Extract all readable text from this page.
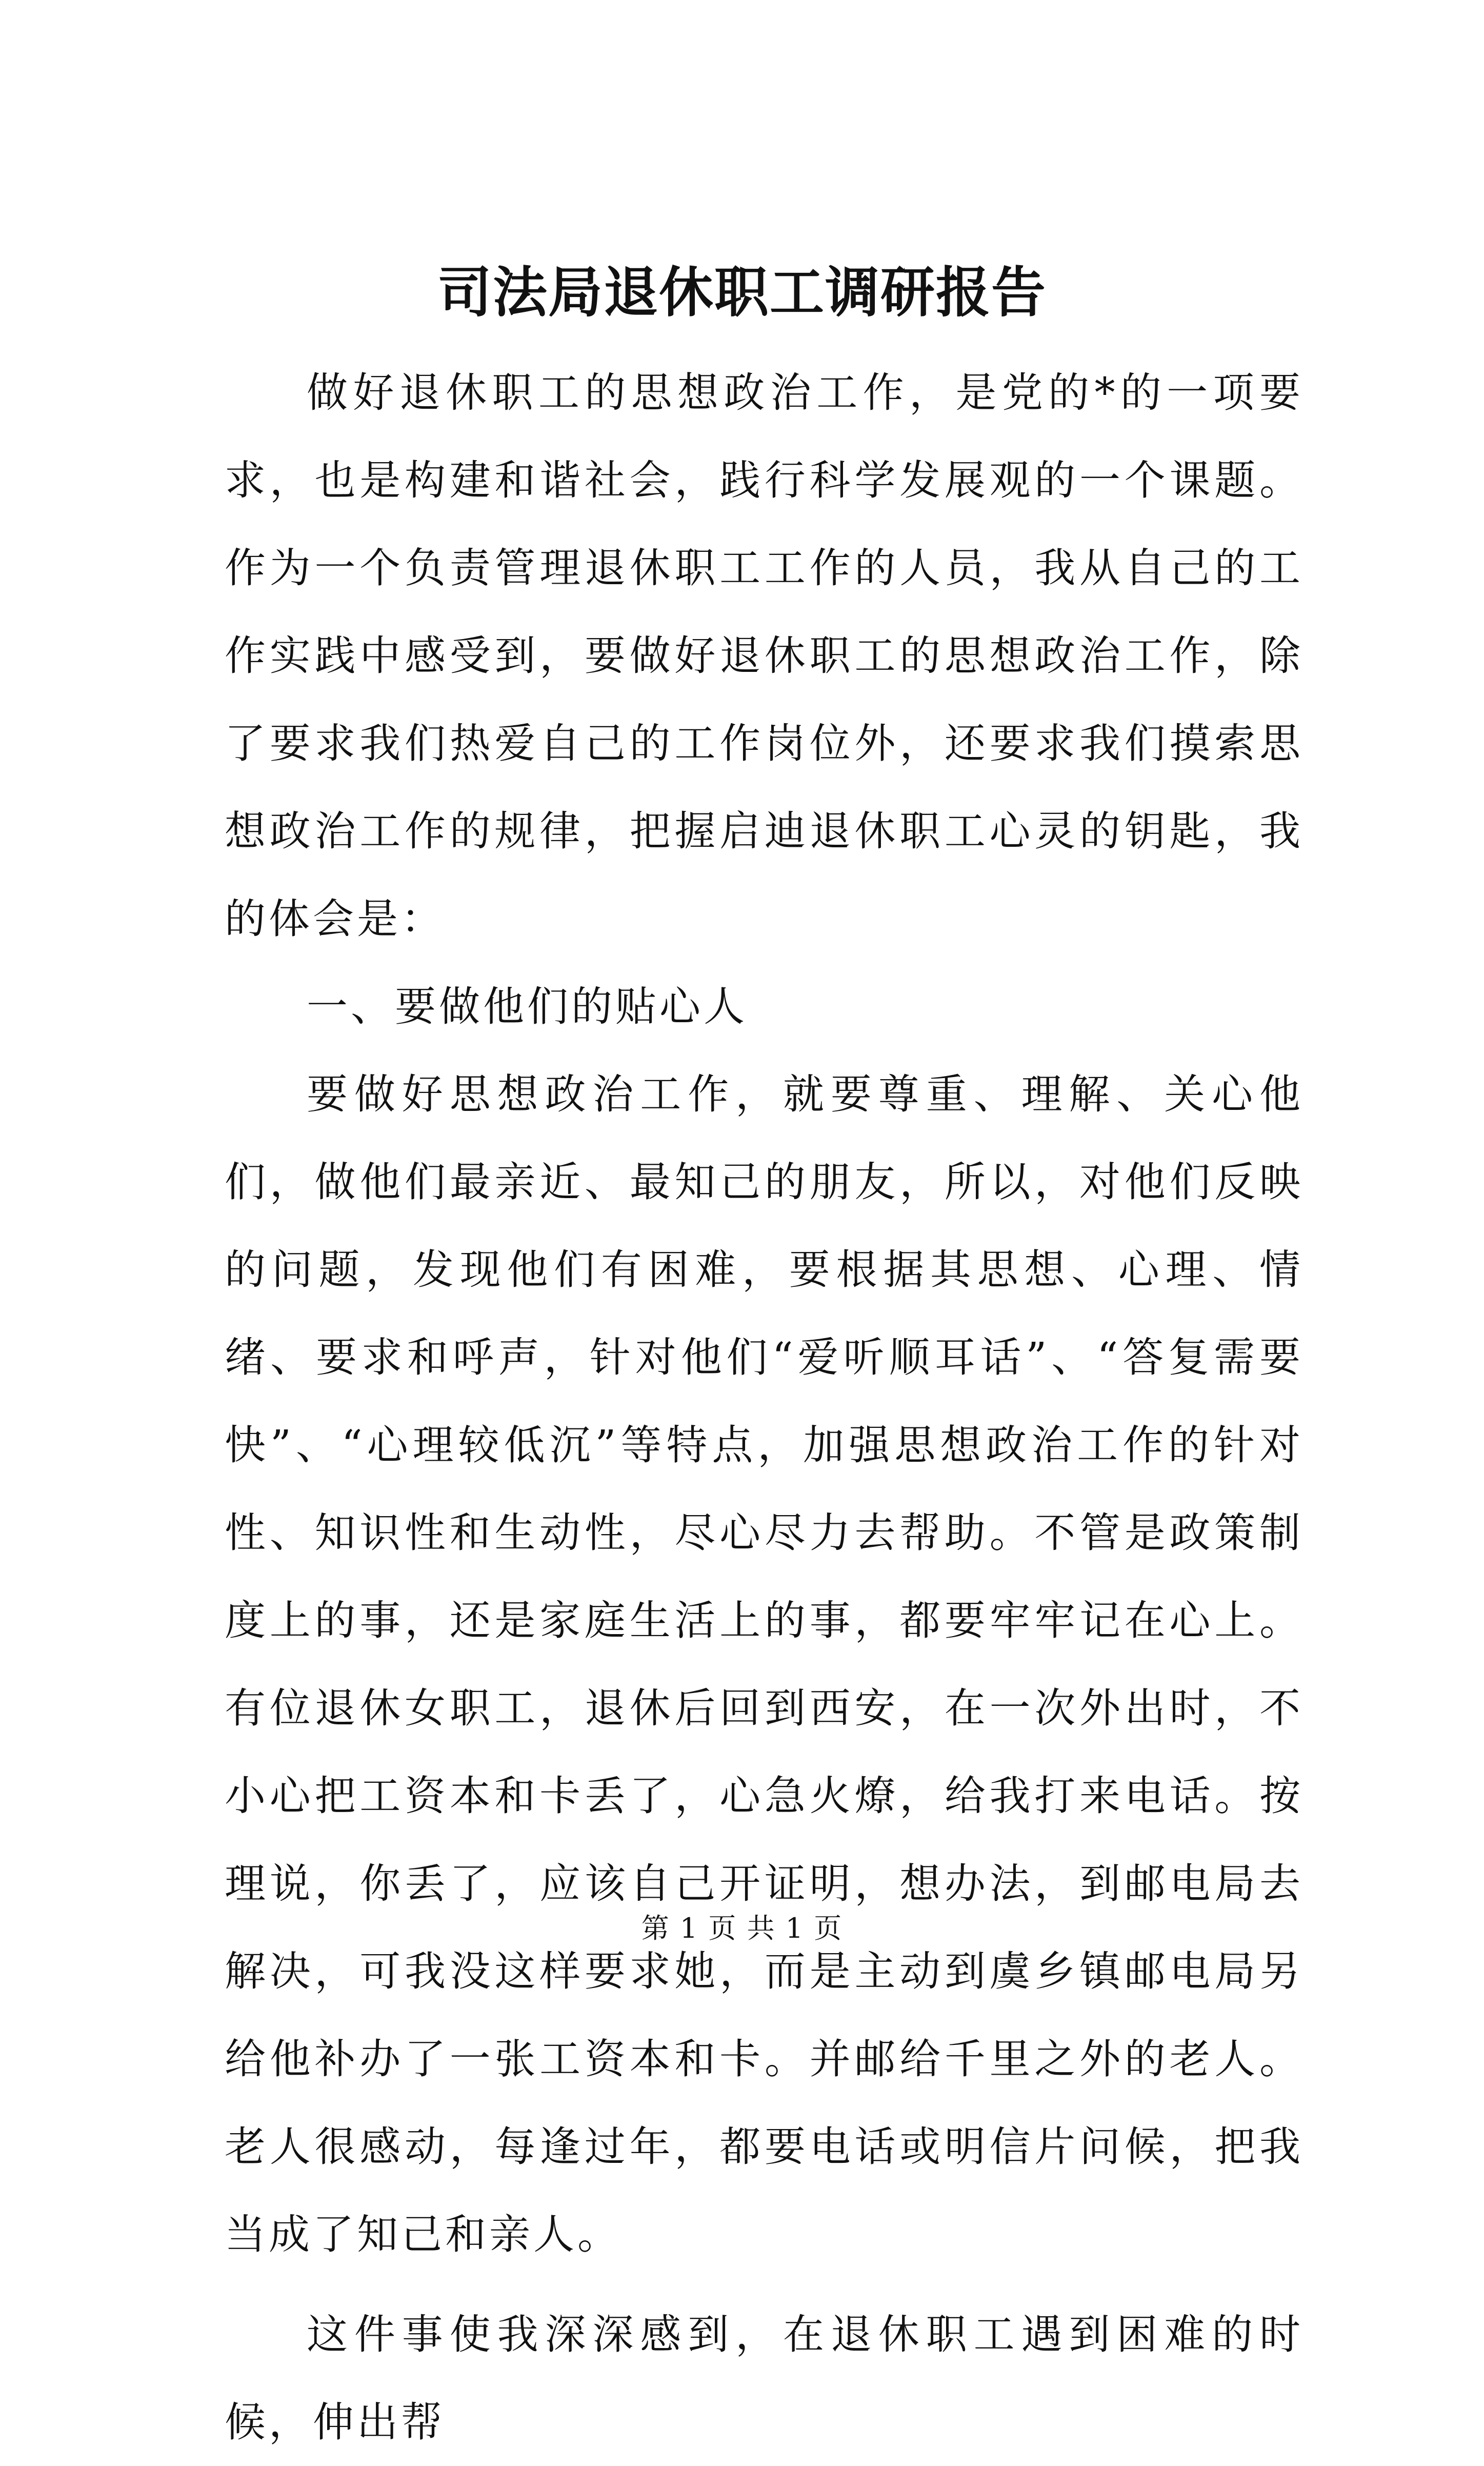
司法局退休职工调研报告

做好退休职工的思想政治工作，是党的*的一项要求，也是构建和谐社会，践行科学发展观的一个课题。作为一个负责管理退休职工工作的人员，我从自己的工作实践中感受到，要做好退休职工的思想政治工作，除了要求我们热爱自己的工作岗位外，还要求我们摸索思想政治工作的规律，把握启迪退休职工心灵的钥匙，我的体会是：

一、要做他们的贴心人

要做好思想政治工作，就要尊重、理解、关心他们，做他们最亲近、最知己的朋友，所以，对他们反映的问题，发现他们有困难，要根据其思想、心理、情绪、要求和呼声，针对他们“爱听顺耳话”、“答复需要快”、“心理较低沉”等特点，加强思想政治工作的针对性、知识性和生动性，尽心尽力去帮助。不管是政策制度上的事，还是家庭生活上的事，都要牢牢记在心上。有位退休女职工，退休后回到西安，在一次外出时，不小心把工资本和卡丢了，心急火燎，给我打来电话。按理说，你丢了，应该自己开证明，想办法，到邮电局去解决，可我没这样要求她，而是主动到虞乡镇邮电局另给他补办了一张工资本和卡。并邮给千里之外的老人。老人很感动，每逢过年，都要电话或明信片问候，把我当成了知己和亲人。

这件事使我深深感到，在退休职工遇到困难的时候，伸出帮

第 1 页 共 1 页
